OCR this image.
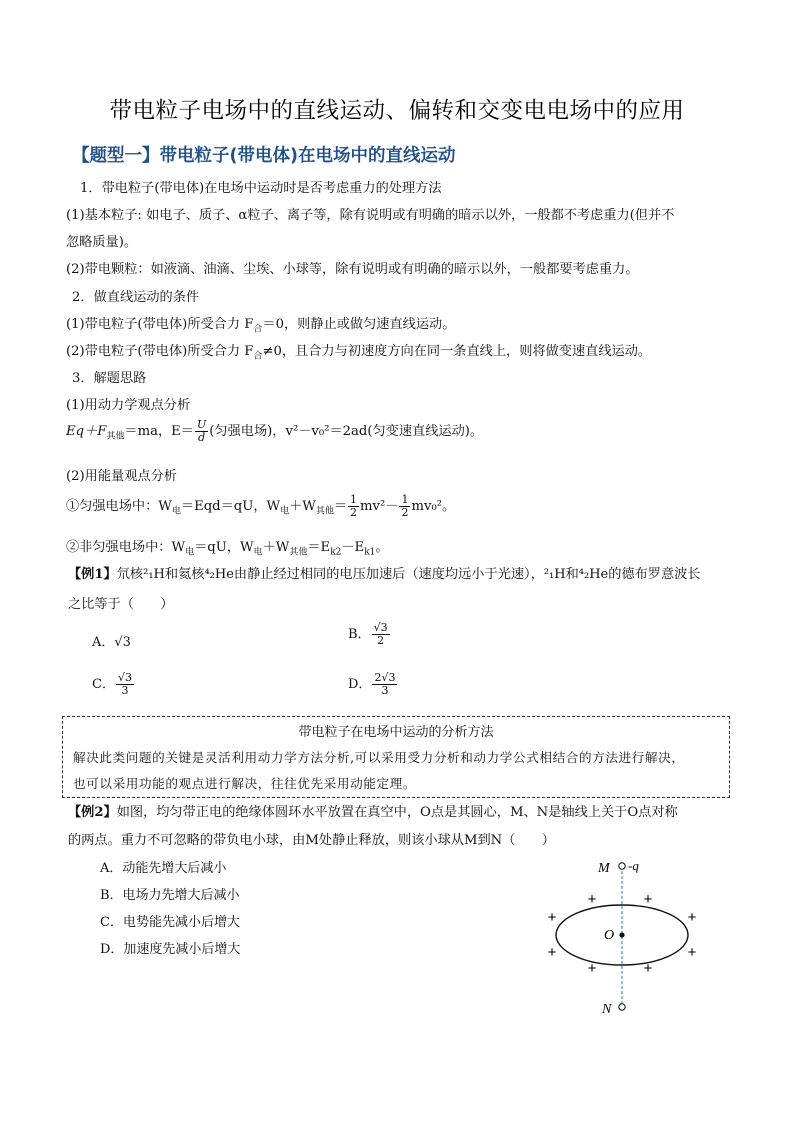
带电粒子电场中的直线运动、偏转和交变电电场中的应用
【题型一】带电粒子(带电体)在电场中的直线运动
1．带电粒子(带电体)在电场中运动时是否考虑重力的处理方法
(1)基本粒子: 如电子、质子、α粒子、离子等，除有说明或有明确的暗示以外，一般都不考虑重力(但并不
忽略质量)。
(2)带电颗粒：如液滴、油滴、尘埃、小球等，除有说明或有明确的暗示以外，一般都要考虑重力。
2．做直线运动的条件
(1)带电粒子(带电体)所受合力 $F_合=0$，则静止或做匀速直线运动。
(2)带电粒子(带电体)所受合力 $F_合\ne 0$，且合力与初速度方向在同一条直线上，则将做变速直线运动。
3．解题思路
(1)用动力学观点分析
$Eq+F_{其他}=ma$，$E= \frac{U}{d}$ (匀强电场)，v²－v₀²＝2ad(匀变速直线运动)。
(2)用能量观点分析
①匀强电场中：$W_电=Eqd=qU$，$W_电+W_{其他}= \frac{1}{2} mv^2- \frac{1}{2} mv_0^2$。
②非匀强电场中：$W_电=qU$，$W_电+W_{其他}=E_{k2}-E_{k1}$。
【例1】氘核²₁H和氦核⁴₂He由静止经过相同的电压加速后（速度均远小于光速），²₁H和⁴₂He的德布罗意波长
之比等于（　　）
A．√3
B． $\frac{√3}{2}$
C． $\frac{√3}{3}$	D． $\frac{2√3}{3}$
带电粒子在电场中运动的分析方法
解决此类问题的关键是灵活利用动力学方法分析,可以采用受力分析和动力学公式相结合的方法进行解决，
也可以采用功能的观点进行解决，往往优先采用动能定理。
【例2】如图，均匀带正电的绝缘体圆环水平放置在真空中，O点是其圆心，M、N是轴线上关于O点对称
的两点。重力不可忽略的带负电小球，由M处静止释放，则该小球从M到N（　　）
A．动能先增大后减小
B．电场力先增大后减小
C．电势能先减小后增大
D．加速度先减小后增大
M -q
O
N
+	+
+	+
+	+
+	+
